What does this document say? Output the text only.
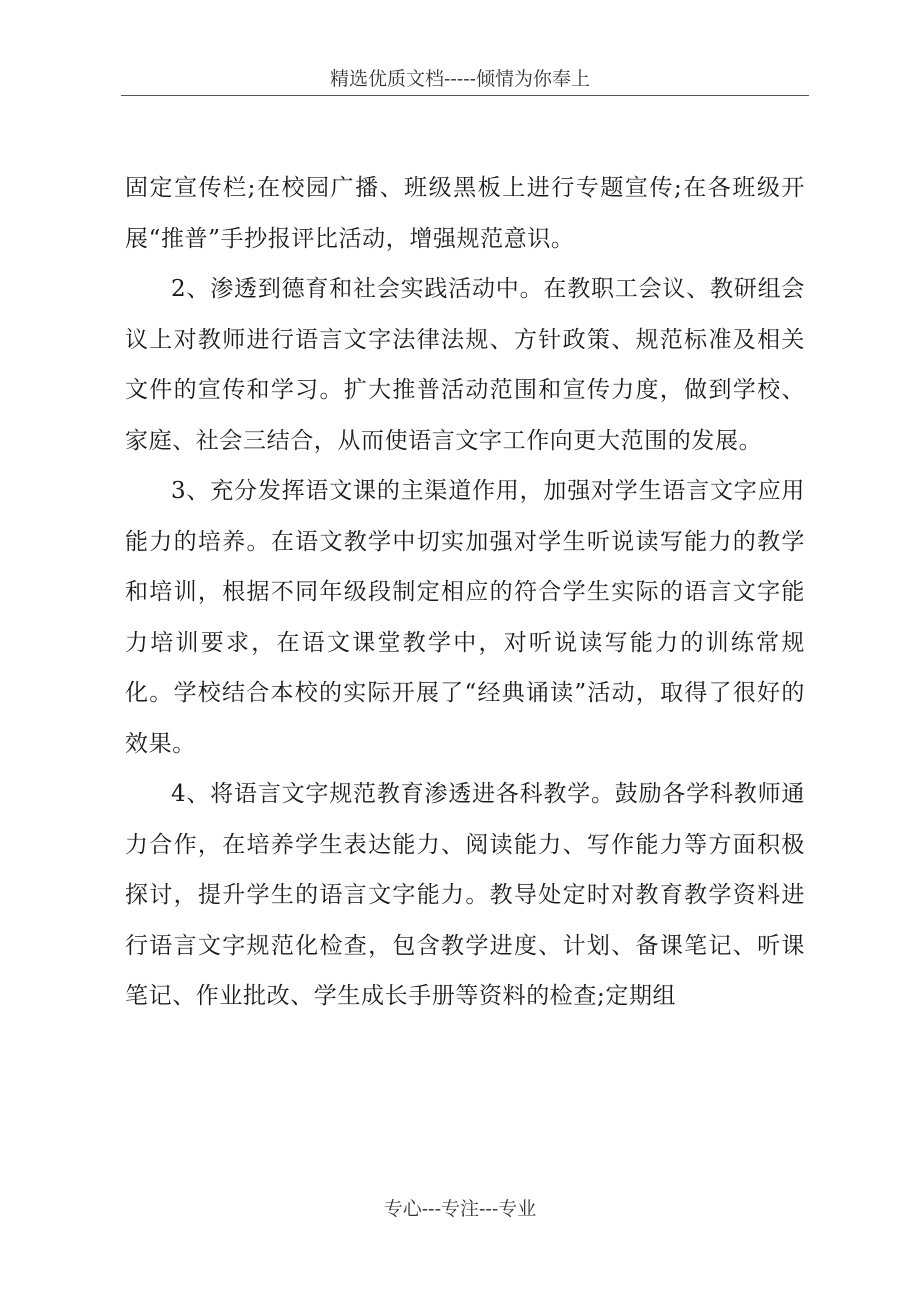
精选优质文档-----倾情为你奉上

固定宣传栏;在校园广播、班级黑板上进行专题宣传;在各班级开展“推普”手抄报评比活动，增强规范意识。

2、渗透到德育和社会实践活动中。在教职工会议、教研组会议上对教师进行语言文字法律法规、方针政策、规范标准及相关文件的宣传和学习。扩大推普活动范围和宣传力度，做到学校、家庭、社会三结合，从而使语言文字工作向更大范围的发展。

3、充分发挥语文课的主渠道作用，加强对学生语言文字应用能力的培养。在语文教学中切实加强对学生听说读写能力的教学和培训，根据不同年级段制定相应的符合学生实际的语言文字能力培训要求，在语文课堂教学中，对听说读写能力的训练常规化。学校结合本校的实际开展了“经典诵读”活动，取得了很好的效果。

4、将语言文字规范教育渗透进各科教学。鼓励各学科教师通力合作，在培养学生表达能力、阅读能力、写作能力等方面积极探讨，提升学生的语言文字能力。教导处定时对教育教学资料进行语言文字规范化检查，包含教学进度、计划、备课笔记、听课笔记、作业批改、学生成长手册等资料的检查;定期组

专心---专注---专业
